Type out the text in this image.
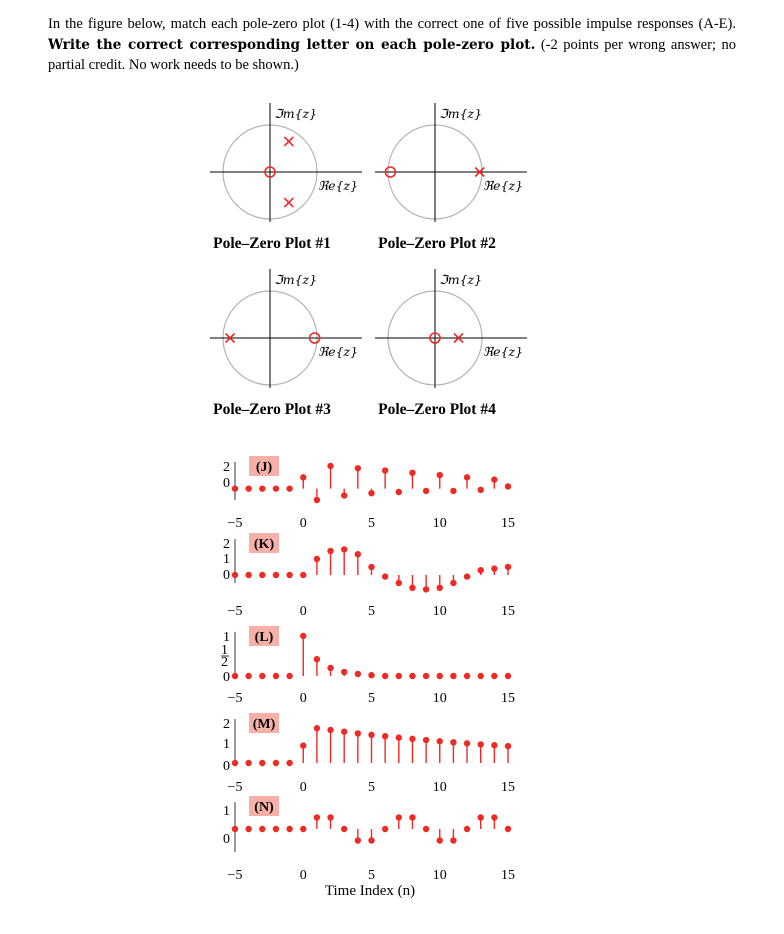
In the figure below, match each pole-zero plot (1-4) with the correct one of five possible impulse responses (A-E). Write the correct corresponding letter on each pole-zero plot. (-2 points per wrong answer; no partial credit. No work needs to be shown.)

ℑm{z}
ℜe{z}
Pole–Zero Plot #1
ℑm{z}
ℜe{z}
Pole–Zero Plot #2
ℑm{z}
ℜe{z}
Pole–Zero Plot #3
ℑm{z}
ℜe{z}
Pole–Zero Plot #4
2
0
−5	0	5	10	15
(J)
2
1
0
−5	0	5	10	15
(K)
1
1
2
0
−5	0	5	10	15
(L)
2
1
0
−5	0	5	10	15
(M)
1
0
−5	0	5	10	15
(N)
Time Index (n)
